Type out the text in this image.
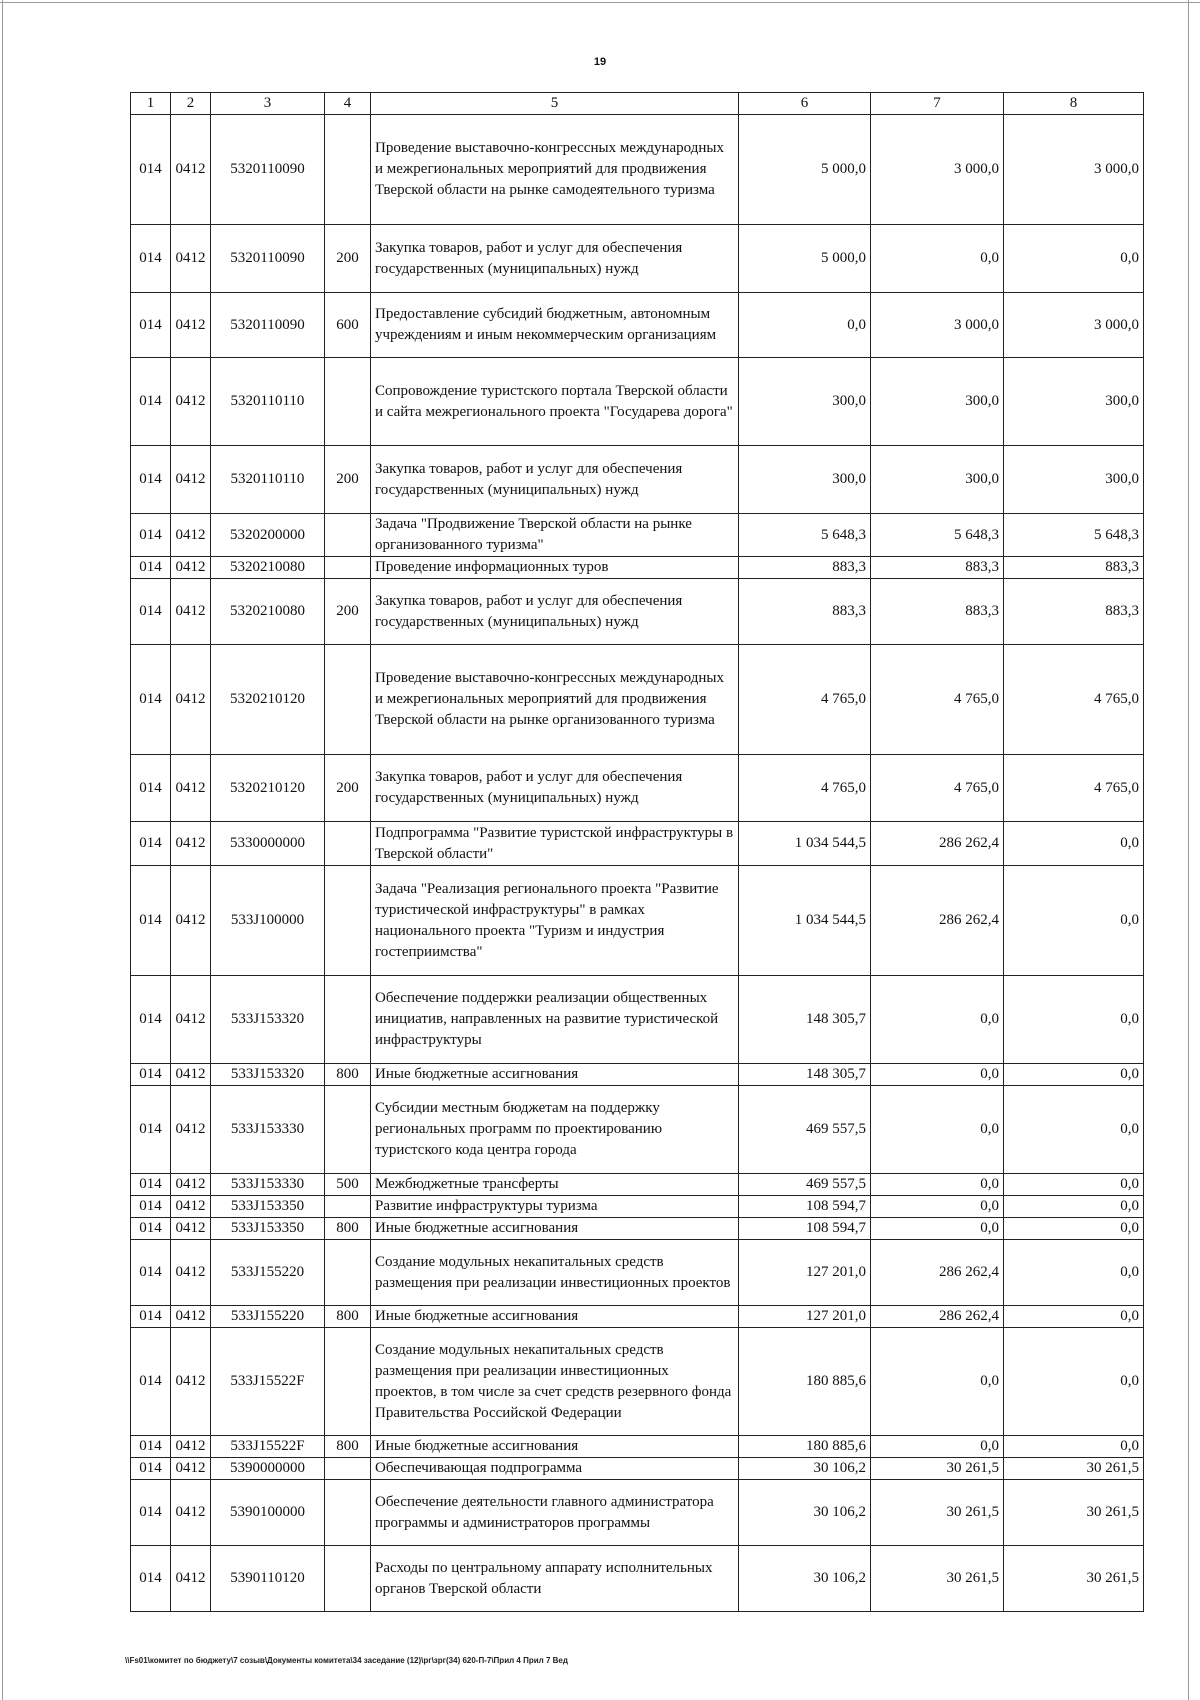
19
1	2	3	4	5	6	7	8
014	0412	5320110090		Проведение выставочно-конгрессных международных и межрегиональных мероприятий для продвижения Тверской области на рынке самодеятельного туризма	5 000,0	3 000,0	3 000,0
014	0412	5320110090	200	Закупка товаров, работ и услуг для обеспечения государственных (муниципальных) нужд	5 000,0	0,0	0,0
014	0412	5320110090	600	Предоставление субсидий бюджетным, автономным учреждениям и иным некоммерческим организациям	0,0	3 000,0	3 000,0
014	0412	5320110110		Сопровождение туристского портала Тверской области и сайта межрегионального проекта "Государева дорога"	300,0	300,0	300,0
014	0412	5320110110	200	Закупка товаров, работ и услуг для обеспечения государственных (муниципальных) нужд	300,0	300,0	300,0
014	0412	5320200000		Задача "Продвижение Тверской области на рынке организованного туризма"	5 648,3	5 648,3	5 648,3
014	0412	5320210080		Проведение информационных туров	883,3	883,3	883,3
014	0412	5320210080	200	Закупка товаров, работ и услуг для обеспечения государственных (муниципальных) нужд	883,3	883,3	883,3
014	0412	5320210120		Проведение выставочно-конгрессных международных и межрегиональных мероприятий для продвижения Тверской области на рынке организованного туризма	4 765,0	4 765,0	4 765,0
014	0412	5320210120	200	Закупка товаров, работ и услуг для обеспечения государственных (муниципальных) нужд	4 765,0	4 765,0	4 765,0
014	0412	5330000000		Подпрограмма "Развитие туристской инфраструктуры в Тверской области"	1 034 544,5	286 262,4	0,0
014	0412	533J100000		Задача "Реализация регионального проекта "Развитие туристической инфраструктуры" в рамках национального проекта "Туризм и индустрия гостеприимства"	1 034 544,5	286 262,4	0,0
014	0412	533J153320		Обеспечение поддержки реализации общественных инициатив, направленных на развитие туристической инфраструктуры	148 305,7	0,0	0,0
014	0412	533J153320	800	Иные бюджетные ассигнования	148 305,7	0,0	0,0
014	0412	533J153330		Субсидии местным бюджетам на поддержку региональных программ по проектированию туристского кода центра города	469 557,5	0,0	0,0
014	0412	533J153330	500	Межбюджетные трансферты	469 557,5	0,0	0,0
014	0412	533J153350		Развитие инфраструктуры туризма	108 594,7	0,0	0,0
014	0412	533J153350	800	Иные бюджетные ассигнования	108 594,7	0,0	0,0
014	0412	533J155220		Создание модульных некапитальных средств размещения при реализации инвестиционных проектов	127 201,0	286 262,4	0,0
014	0412	533J155220	800	Иные бюджетные ассигнования	127 201,0	286 262,4	0,0
014	0412	533J15522F		Создание модульных некапитальных средств размещения при реализации инвестиционных проектов, в том числе за счет средств резервного фонда Правительства Российской Федерации	180 885,6	0,0	0,0
014	0412	533J15522F	800	Иные бюджетные ассигнования	180 885,6	0,0	0,0
014	0412	5390000000		Обеспечивающая подпрограмма	30 106,2	30 261,5	30 261,5
014	0412	5390100000		Обеспечение деятельности главного администратора программы и администраторов программы	30 106,2	30 261,5	30 261,5
014	0412	5390110120		Расходы по центральному аппарату исполнительных органов Тверской области	30 106,2	30 261,5	30 261,5
\\Fs01\комитет по бюджету\7 созыв\Документы комитета\34 заседание (12)\рг\зрг(34) 620-П-7\Прил 4 Прил 7 Вед
